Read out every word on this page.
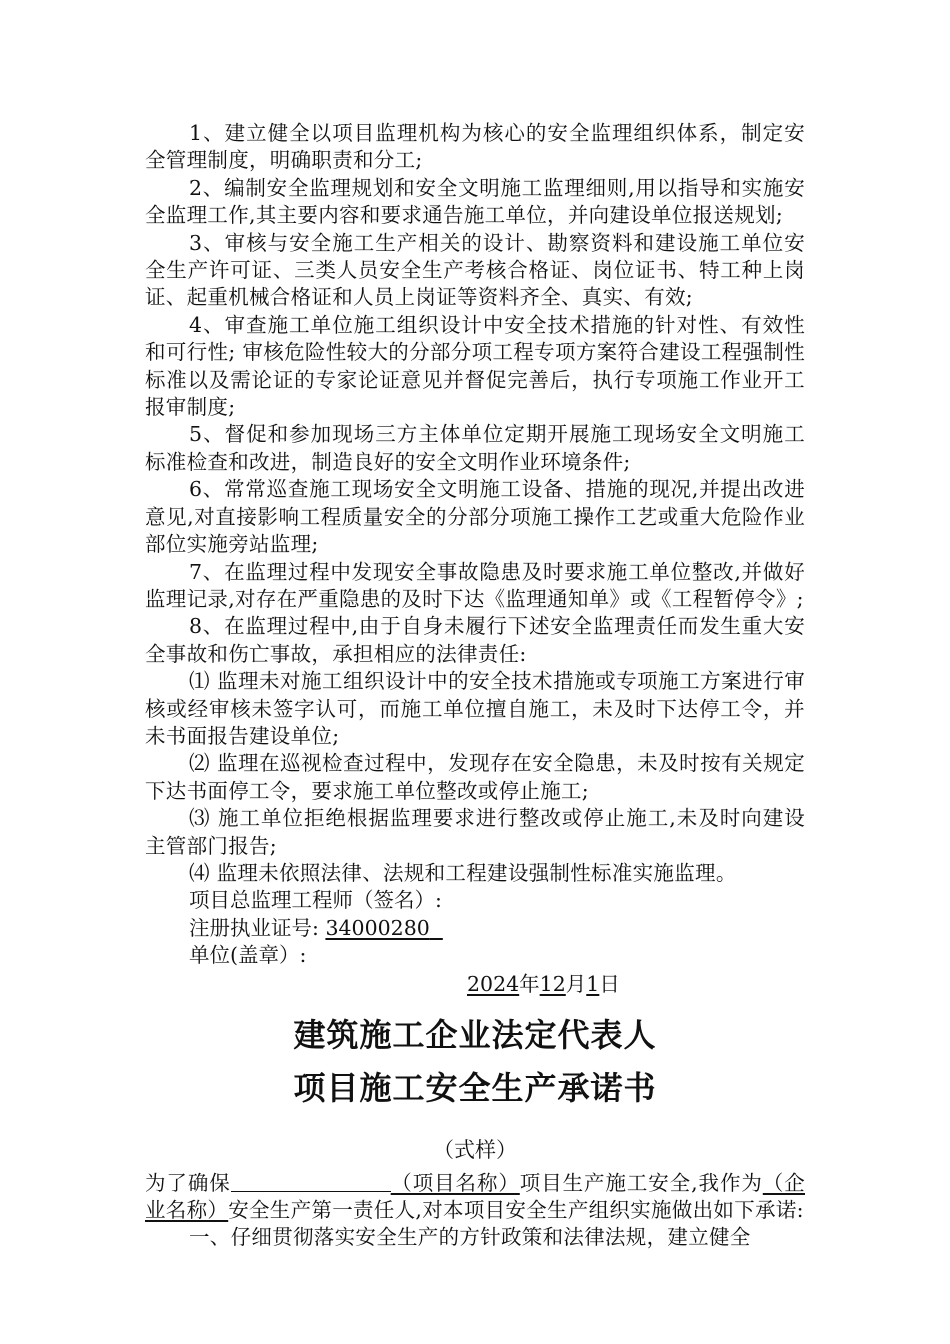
1、建立健全以项目监理机构为核心的安全监理组织体系，制定安全管理制度，明确职责和分工;

2、编制安全监理规划和安全文明施工监理细则,用以指导和实施安全监理工作,其主要内容和要求通告施工单位，并向建设单位报送规划;

3、审核与安全施工生产相关的设计、勘察资料和建设施工单位安全生产许可证、三类人员安全生产考核合格证、岗位证书、特工种上岗证、起重机械合格证和人员上岗证等资料齐全、真实、有效;

4、审查施工单位施工组织设计中安全技术措施的针对性、有效性和可行性; 审核危险性较大的分部分项工程专项方案符合建设工程强制性标准以及需论证的专家论证意见并督促完善后，执行专项施工作业开工报审制度;

5、督促和参加现场三方主体单位定期开展施工现场安全文明施工标准检查和改进，制造良好的安全文明作业环境条件;

6、常常巡查施工现场安全文明施工设备、措施的现况,并提出改进意见,对直接影响工程质量安全的分部分项施工操作工艺或重大危险作业部位实施旁站监理;

7、在监理过程中发现安全事故隐患及时要求施工单位整改,并做好监理记录,对存在严重隐患的及时下达《监理通知单》或《工程暂停令》;

8、在监理过程中,由于自身未履行下述安全监理责任而发生重大安全事故和伤亡事故，承担相应的法律责任:

⑴ 监理未对施工组织设计中的安全技术措施或专项施工方案进行审核或经审核未签字认可，而施工单位擅自施工，未及时下达停工令，并未书面报告建设单位;

⑵ 监理在巡视检查过程中，发现存在安全隐患，未及时按有关规定下达书面停工令，要求施工单位整改或停止施工;

⑶ 施工单位拒绝根据监理要求进行整改或停止施工,未及时向建设主管部门报告;

⑷ 监理未依照法律、法规和工程建设强制性标准实施监理。

项目总监理工程师（签名）:

注册执业证号: 34000280

单位(盖章）:

2024年12月1日

建筑施工企业法定代表人
项目施工安全生产承诺书

（式样）

为了确保	（项目名称）项目生产施工安全,我作为（企业名称）安全生产第一责任人,对本项目安全生产组织实施做出如下承诺:

一、仔细贯彻落实安全生产的方针政策和法律法规，建立健全
